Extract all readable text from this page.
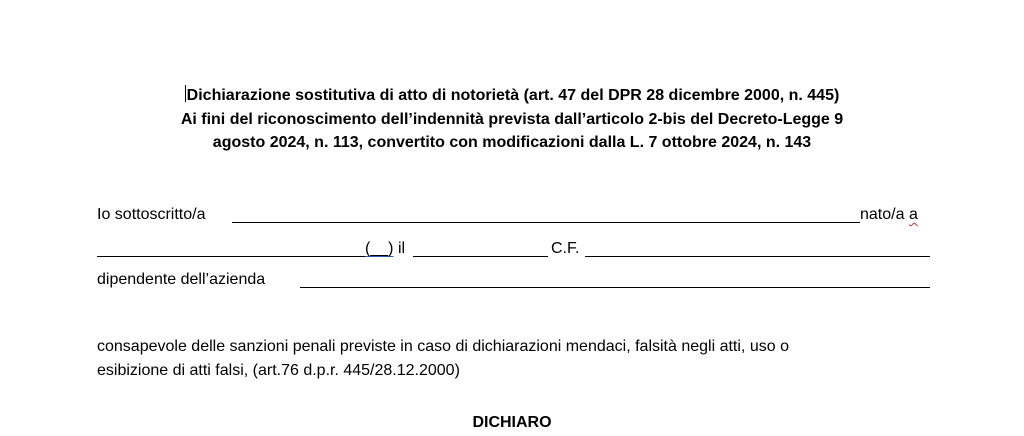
Dichiarazione sostitutiva di atto di notorietà (art. 47 del DPR 28 dicembre 2000, n. 445)
Ai fini del riconoscimento dell’indennità prevista dall’articolo 2-bis del Decreto-Legge 9
agosto 2024, n. 113, convertito con modificazioni dalla L. 7 ottobre 2024, n. 143
Io sottoscritto/a	nato/a a
(__) il	C.F.
dipendente dell’azienda
consapevole delle sanzioni penali previste in caso di dichiarazioni mendaci, falsità negli atti, uso o
esibizione di atti falsi, (art.76 d.p.r. 445/28.12.2000)
DICHIARO
